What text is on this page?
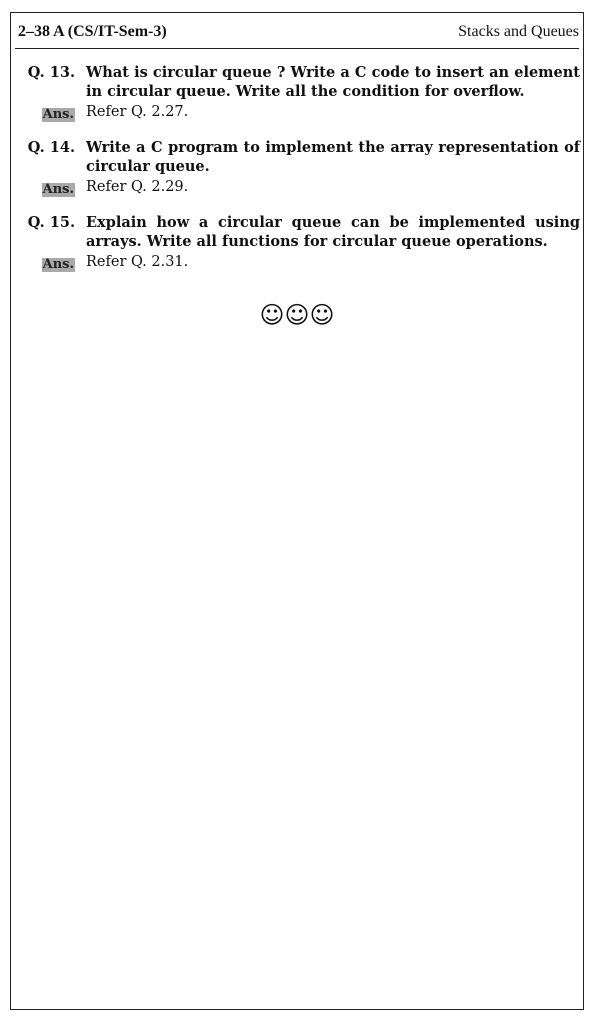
2–38 A (CS/IT-Sem-3)	Stacks and Queues
Q. 13. What is circular queue ? Write a C code to insert an element in circular queue. Write all the condition for overflow.
Ans. Refer Q. 2.27.
Q. 14. Write a C program to implement the array representation of circular queue.
Ans. Refer Q. 2.29.
Q. 15. Explain how a circular queue can be implemented using arrays. Write all functions for circular queue operations.
Ans. Refer Q. 2.31.
☺☺☺
